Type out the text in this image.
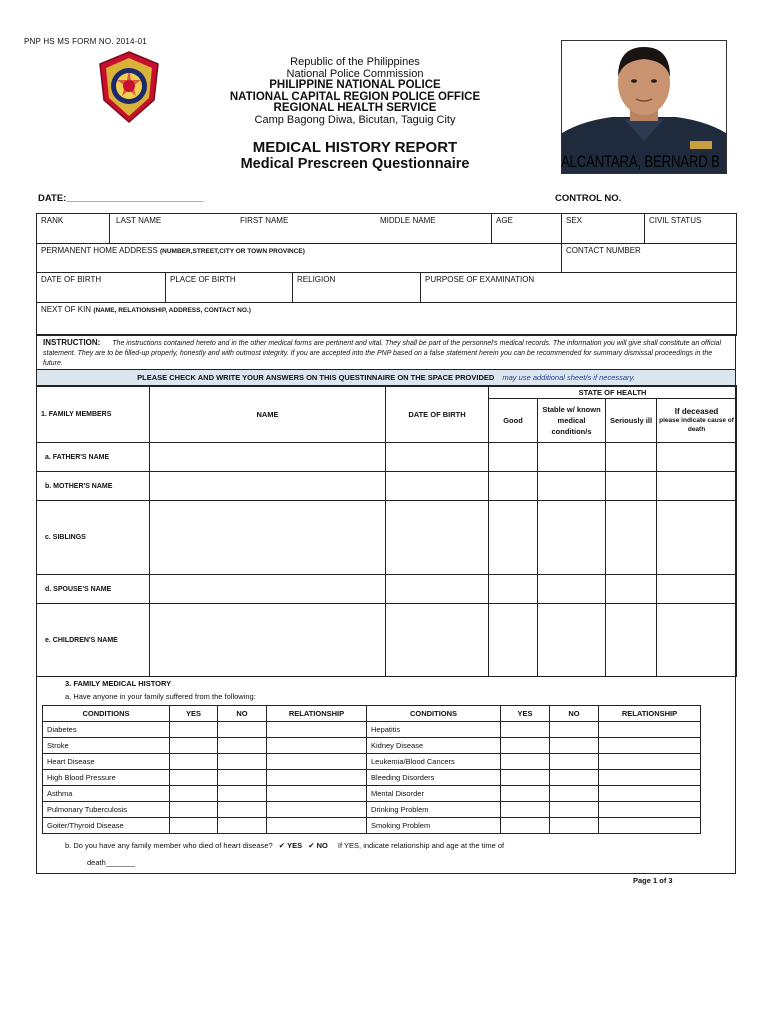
PNP HS MS FORM NO. 2014-01
Republic of the Philippines
National Police Commission
PHILIPPINE NATIONAL POLICE
NATIONAL CAPITAL REGION POLICE OFFICE
REGIONAL HEALTH SERVICE
Camp Bagong Diwa, Bicutan, Taguig City
MEDICAL HISTORY REPORT
Medical Prescreen Questionnaire	ALCANTARA, BERNARD B
DATE:__________________________	CONTROL NO.
RANK	LAST NAME FIRST NAME MIDDLE NAME	AGE	SEX	CIVIL STATUS
PERMANENT HOME ADDRESS (NUMBER,STREET,CITY OR TOWN PROVINCE)			CONTACT NUMBER	

DATE OF BIRTH PLACE OF BIRTH RELIGION PURPOSE OF EXAMINATION				

NEXT OF KIN (NAME, RELATIONSHIP, ADDRESS, CONTACT NO.)				
INSTRUCTION: The instructions contained hereto and in the other medical forms are pertinent and vital. They shall be part of the personnel's medical records. The information you will give shall constitute an official statement. They are to be filled-up properly, honestly and with outmost integrity. If you are accepted into the PNP based on a false statement herein you can be recommended for summary dismissal proceedings in the future.
PLEASE CHECK AND WRITE YOUR ANSWERS ON THIS QUESTINNAIRE ON THE SPACE PROVIDED may use additional sheet/s if necessary.
1. FAMILY MEMBERS	NAME	DATE OF BIRTH	STATE OF HEALTH			
			Good	Stable w/ known medical condition/s	Seriously ill	If deceased
please indicate cause of death

a. FATHER'S NAME						
b. MOTHER'S NAME						
c. SIBLINGS						
d. SPOUSE'S NAME						
e. CHILDREN'S NAME						
3. FAMILY MEDICAL HISTORY
a. Have anyone in your family suffered from the following:
CONDITIONS	YES	NO	RELATIONSHIP	CONDITIONS	YES	NO	RELATIONSHIP
Diabetes				Hepatitis			
Stroke				Kidney Disease			
Heart Disease				Leukemia/Blood Cancers			
High Blood Pressure				Bleeding Disorders			
Asthma				Mental Disorder			
Pulmonary Tuberculosis				Drinking Problem			
Goiter/Thyroid Disease				Smoking Problem			
b. Do you have any family member who died of heart disease? ✔ YES ✔ NO If YES, indicate relationship and age at the time of
death_______
Page 1 of 3
